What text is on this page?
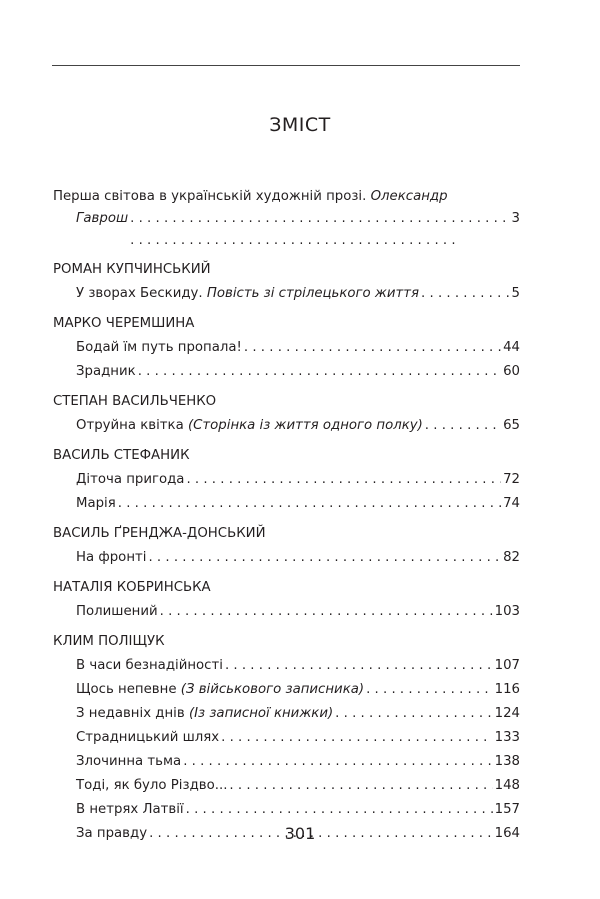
ЗМІСТ
Перша світова в українській художній прозі. Олександр
Гаврош . . .	3
РОМАН КУПЧИНСЬКИЙ
У зворах Бескиду. Повість зі стрілецького життя . . .	5
МАРКО ЧЕРЕМШИНА
Бодай їм путь пропала! . . .	44
Зрадник . . .	60
СТЕПАН ВАСИЛЬЧЕНКО
Отруйна квітка (Сторінка із життя одного полку) . . .	65
ВАСИЛЬ СТЕФАНИК
Діточа пригода . . .	72
Марія . . .	74
ВАСИЛЬ ҐРЕНДЖА-ДОНСЬКИЙ
На фронті . . .	82
НАТАЛІЯ КОБРИНСЬКА
Полишений . . .	103
КЛИМ ПОЛІЩУК
В часи безнадійності . . .	107
Щось непевне (З військового записника) . . .	116
З недавніх днів (Із записної книжки) . . .	124
Страдницький шлях . . .	133
Злочинна тьма . . .	138
Тоді, як було Різдво... . . .	148
В нетрях Латвії . . .	157
За правду . . .	164
301
